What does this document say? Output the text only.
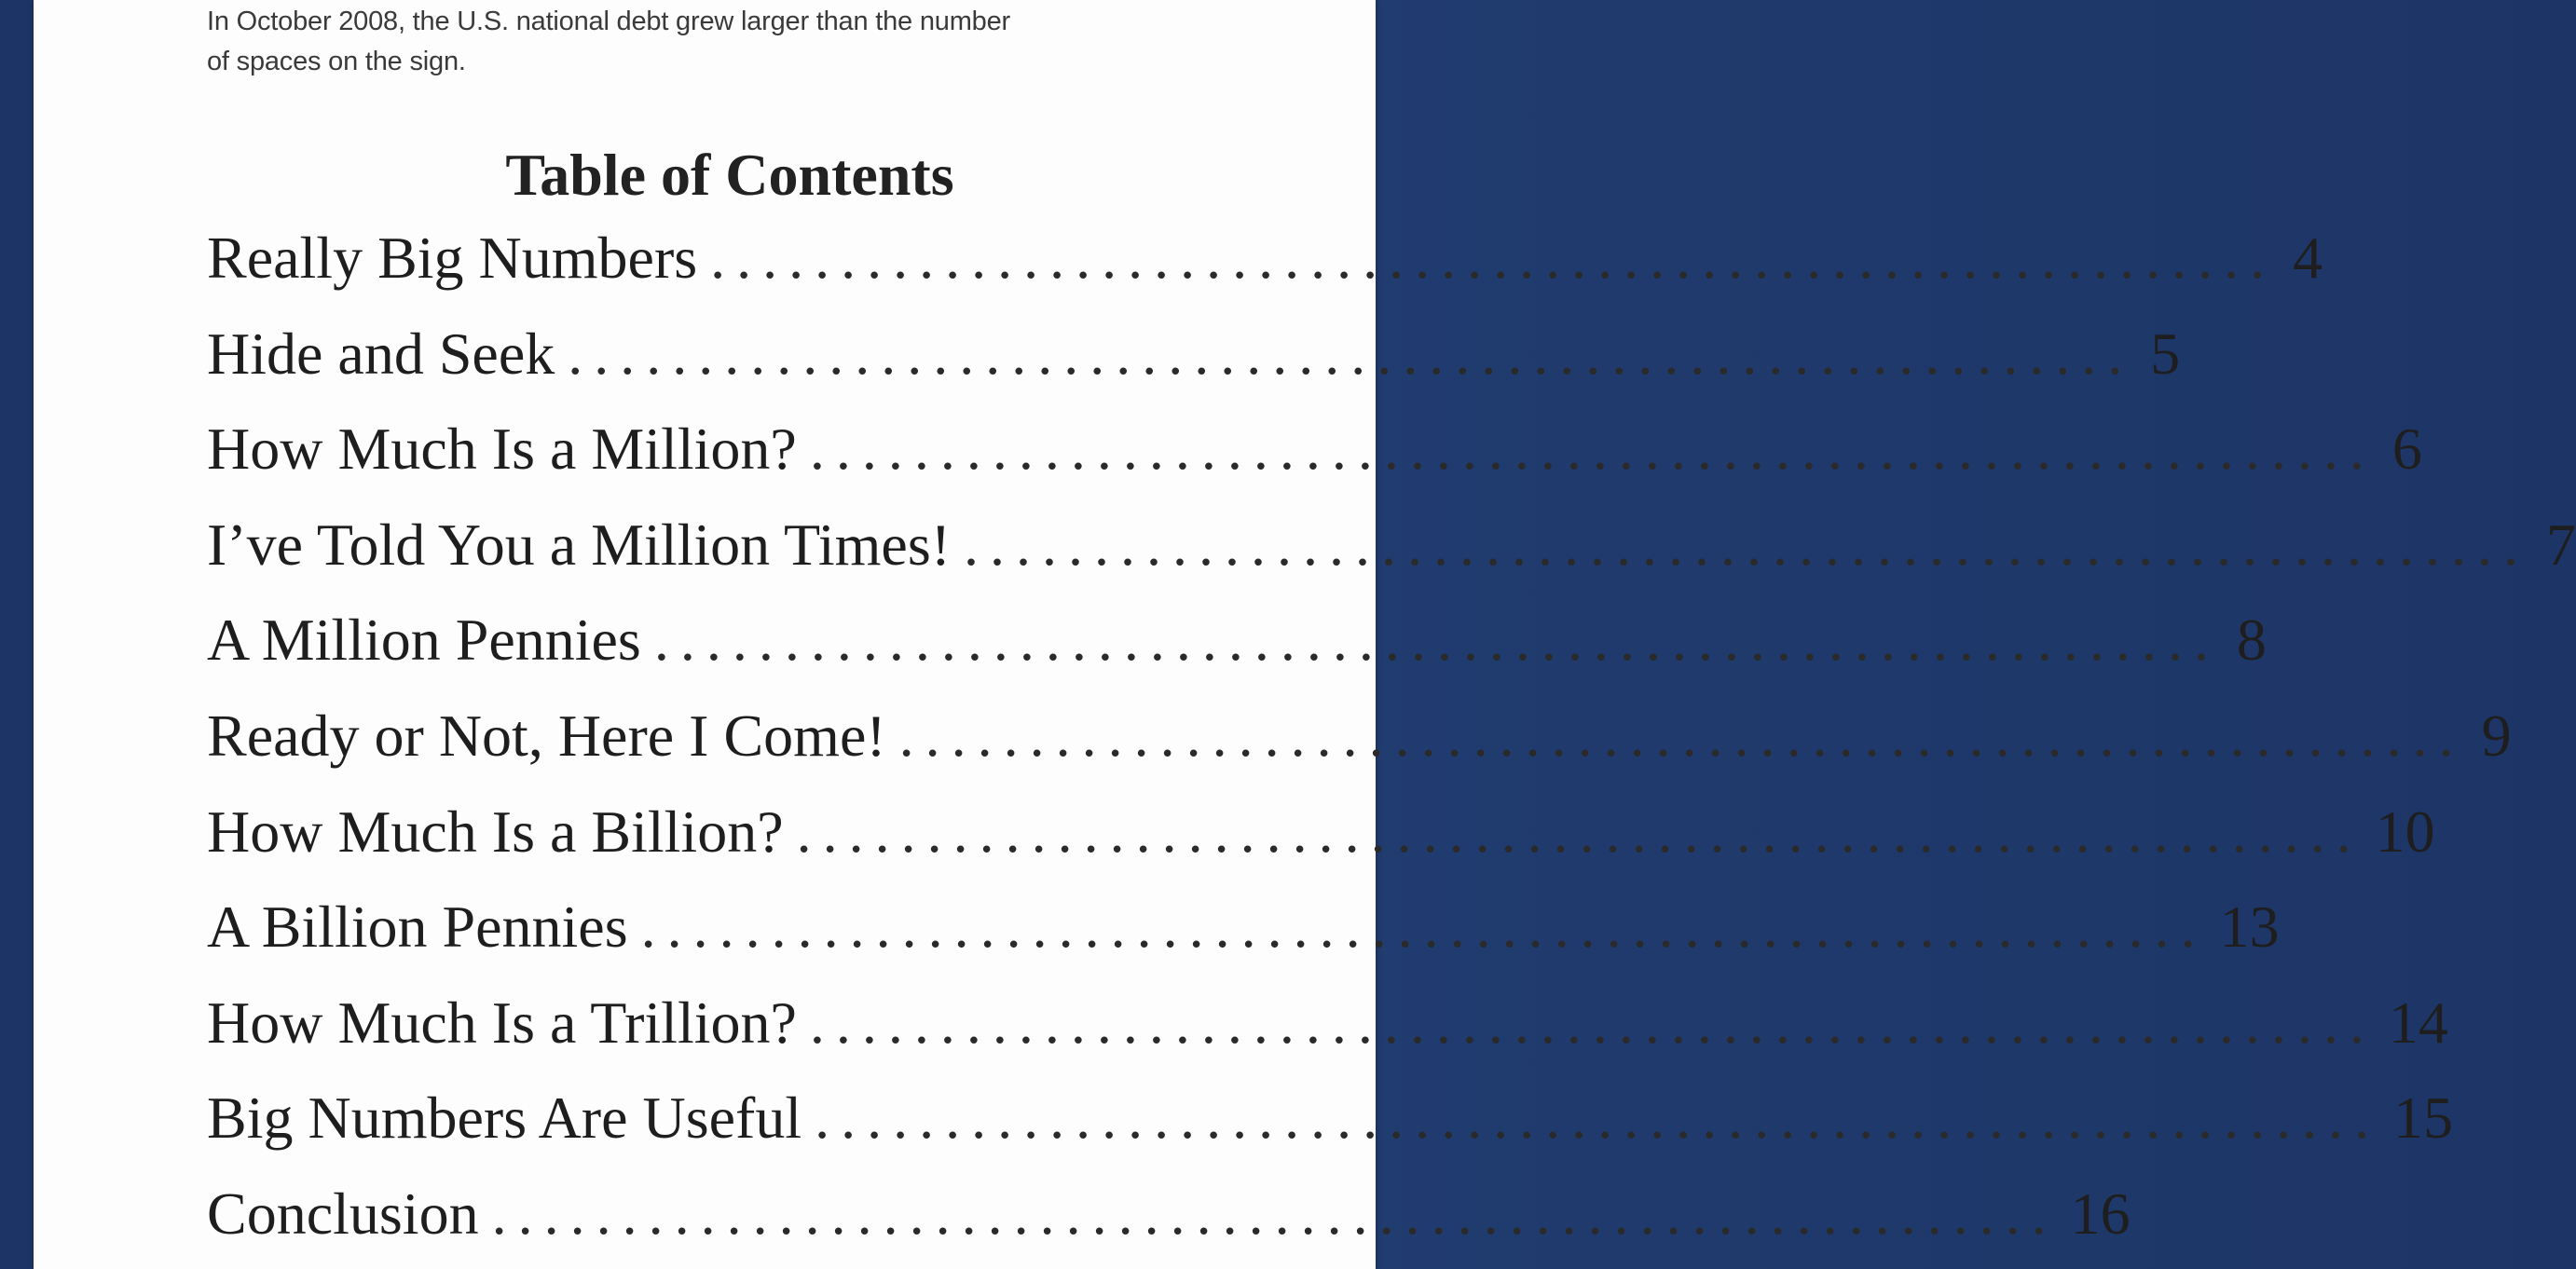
In October 2008, the U.S. national debt grew larger than the number
of spaces on the sign.
Table of Contents
Really Big Numbers ............................................................ 4
Hide and Seek ............................................................ 5
How Much Is a Million? ............................................................ 6
I’ve Told You a Million Times! ............................................................ 7
A Million Pennies ............................................................ 8
Ready or Not, Here I Come! ............................................................ 9
How Much Is a Billion? ............................................................ 10
A Billion Pennies ............................................................ 13
How Much Is a Trillion? ............................................................ 14
Big Numbers Are Useful ............................................................ 15
Conclusion ............................................................ 16
